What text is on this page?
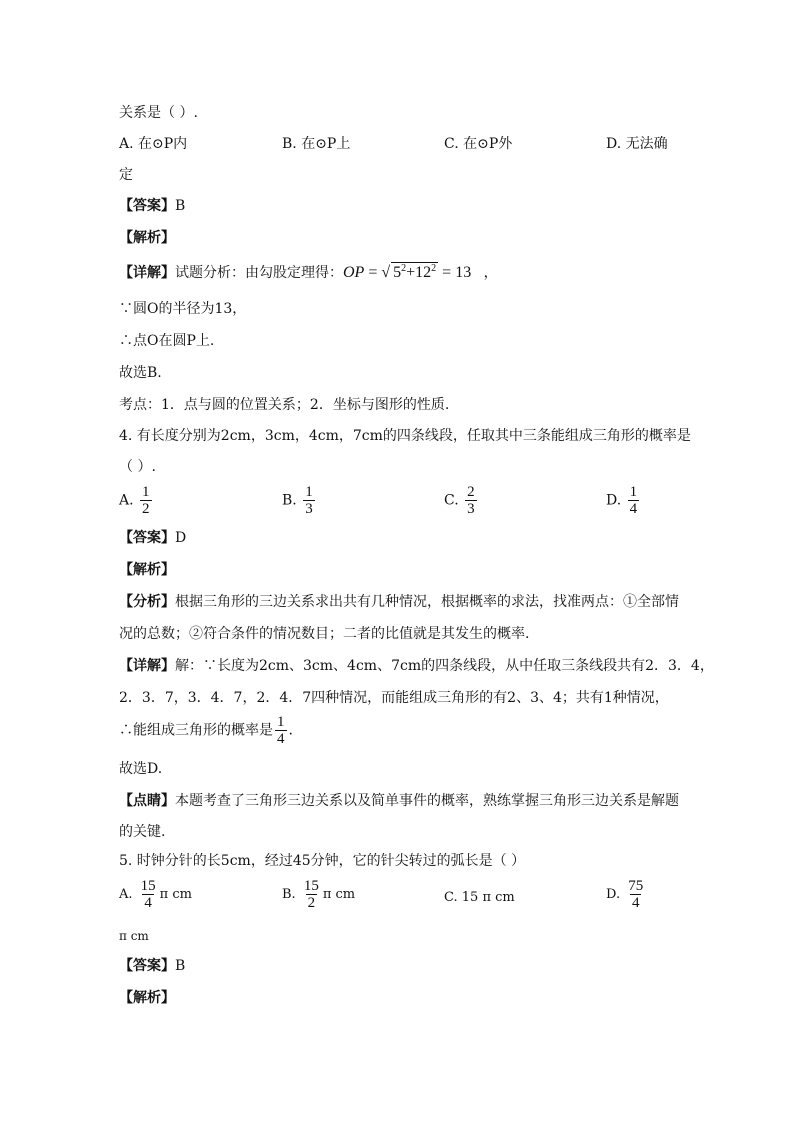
关系是（ ）.
A. 在⊙P内	B. 在⊙P上	C. 在⊙P外	D. 无法确
定
【答案】B
【解析】
【详解】试题分析：由勾股定理得：OP = √ $5^2+12^2 = 13$ ，
∵圆O的半径为13，
∴点O在圆P上.
故选B.
考点：1．点与圆的位置关系；2．坐标与图形的性质.
4. 有长度分别为2cm，3cm，4cm，7cm的四条线段，任取其中三条能组成三角形的概率是
（ ）.
A. $\frac{1}{2}$	B. $\frac{1}{3}$	C. $\frac{2}{3}$	D. $\frac{1}{4}$
【答案】D
【解析】
【分析】根据三角形的三边关系求出共有几种情况，根据概率的求法，找准两点：①全部情
况的总数；②符合条件的情况数目；二者的比值就是其发生的概率.
【详解】解：∵长度为2cm、3cm、4cm、7cm的四条线段，从中任取三条线段共有2．3．4，
2．3．7，3．4．7，2．4．7四种情况，而能组成三角形的有2、3、4；共有1种情况，
∴能组成三角形的概率是 $\frac{1}{4}$ .
故选D.
【点睛】本题考查了三角形三边关系以及简单事件的概率，熟练掌握三角形三边关系是解题
的关键.
5. 时钟分针的长5cm，经过45分钟，它的针尖转过的弧长是（ ）
A. $\frac{15}{4}$ π cm	B. $\frac{15}{2}$ π cm	C. 15 π cm	D. $\frac{75}{4}$
π cm
【答案】B
【解析】
